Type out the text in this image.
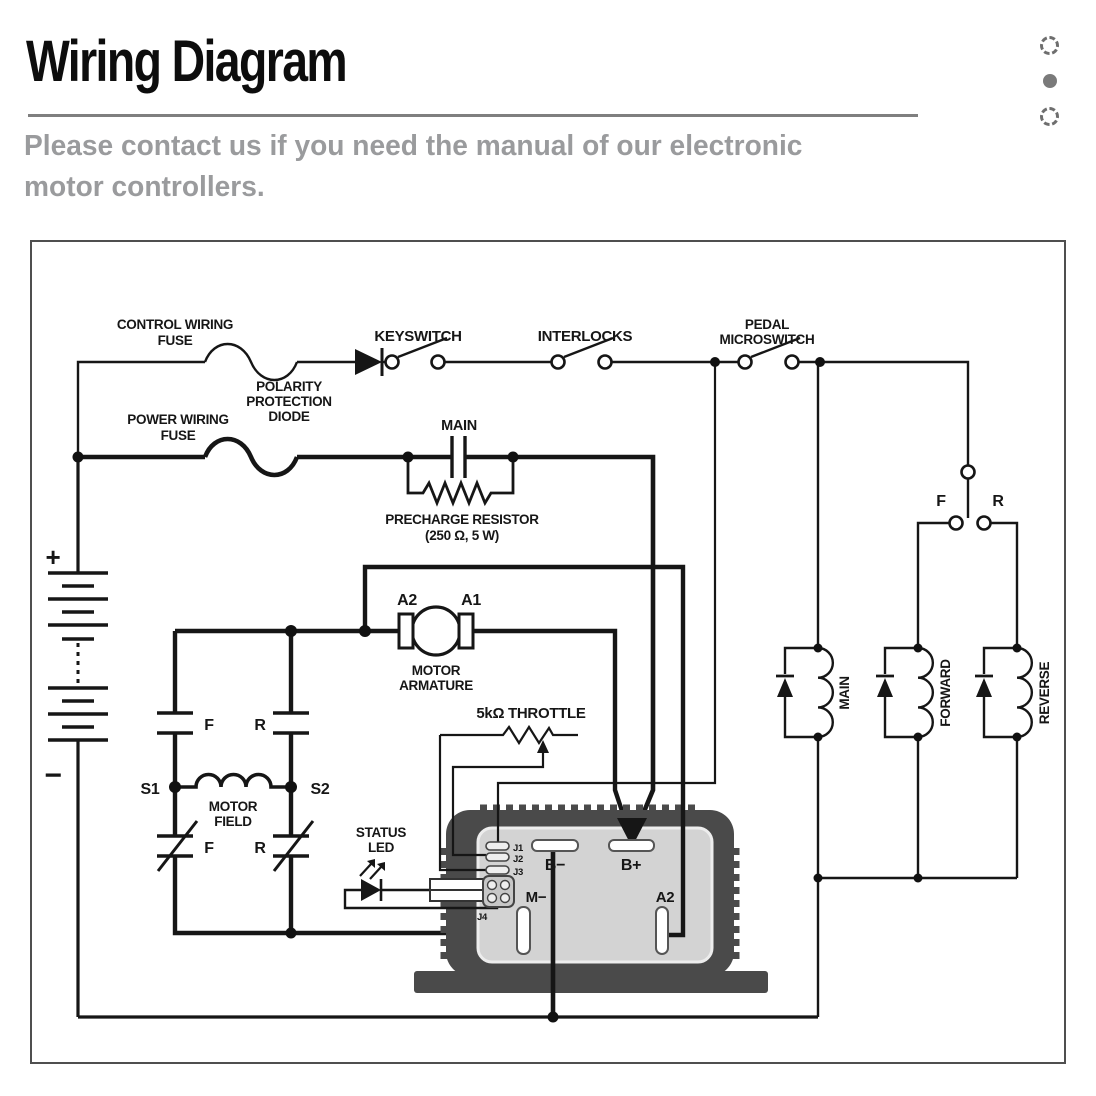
Wiring Diagram
Please contact us if you need the manual of our electronic
motor controllers.
CONTROL WIRING
FUSE
POLARITY
PROTECTION
DIODE
KEYSWITCH	INTERLOCKS
PEDAL
MICROSWITCH
POWER WIRING
FUSE
MAIN
PRECHARGE RESISTOR
(250 Ω, 5 W)
A2	A1
MOTOR
ARMATURE
5kΩ THROTTLE
F	R
S1	S2
MOTOR
FIELD
F	R
STATUS
LED	J1
J2
J3
J4
B−	B+
M−	A2
MAIN	FORWARD	REVERSE
F	R
+
−
